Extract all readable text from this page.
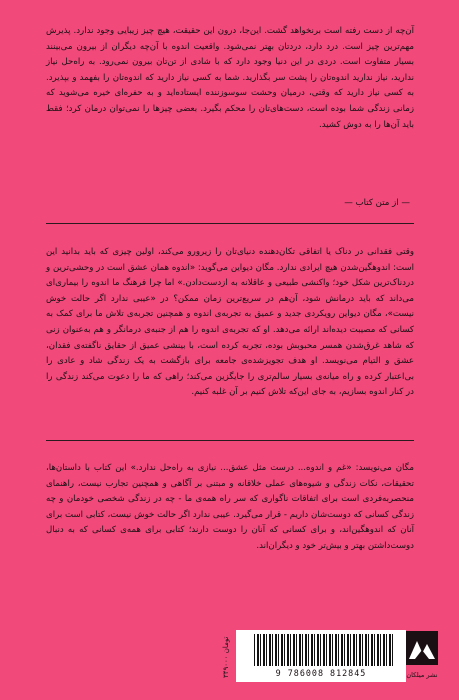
آن‌چه از دست رفته است برنخواهد گشت. این‌جا، درون این حقیقت، هیچ چیز زیبایی وجود ندارد. پذیرش مهم‌ترین چیز است. درد دارد، دردتان بهتر نمی‌شود. واقعیت اندوه با آن‌چه دیگران از بیرون می‌بینند بسیار متفاوت است. دردی در این دنیا وجود دارد که با شادی از تن‌تان بیرون نمی‌رود. به راه‌حل نیاز ندارید، نیاز ندارید اندوه‌تان را پشت سر بگذارید. شما به کسی نیاز دارید که اندوه‌تان را بفهمد و بپذیرد. به کسی نیاز دارید که وقتی، درمیان وحشت سوسوزننده ایستاده‌اید و به حفره‌ای خیره می‌شوید که زمانی زندگی شما بوده است، دست‌های‌تان را محکم بگیرد. بعضی چیزها را نمی‌توان درمان کرد؛ فقط باید آن‌ها را به دوش کشید.

— از متن کتاب —

وقتی فقدانی در دناک یا اتفاقی تکان‌دهنده دنیای‌تان را زیرورو می‌کند، اولین چیزی که باید بدانید این است: اندوهگین‌شدن هیچ ایرادی ندارد. مگان دیواین می‌گوید: «اندوه همان عشق است در وحشی‌ترین و دردناک‌ترین شکل خود؛ واکنشی طبیعی و عاقلانه به ازدست‌دادن.» اما چرا فرهنگ ما اندوه را بیماری‌ای می‌داند که باید درمانش شود، آن‌هم در سریع‌ترین زمان ممکن؟ در «عیبی ندارد اگر حالت خوش نیست»، مگان دیواین رویکردی جدید و عمیق به تجربه‌ی اندوه و همچنین تجربه‌ی تلاش ما برای کمک به کسانی که مصیبت دیده‌اند ارائه می‌دهد. او که تجربه‌ی اندوه را هم از جنبه‌ی درمانگر و هم به‌عنوان زنی که شاهد غرق‌شدن همسر محبوبش بوده، تجربه کرده است، با بینشی عمیق از حقایق ناگفته‌ی فقدان، عشق و التیام می‌نویسد. او هدف تجویزشده‌ی جامعه برای بازگشت به یک زندگی شاد و عادی را بی‌اعتبار کرده و راه میانه‌ی بسیار سالم‌تری را جایگزین می‌کند؛ راهی که ما را دعوت می‌کند زندگی را در کنار اندوه بسازیم، به جای این‌که تلاش کنیم بر آن غلبه کنیم.

مگان می‌نویسد: «غم و اندوه... درست مثل عشق... نیازی به راه‌حل ندارد.» این کتاب با داستان‌ها، تحقیقات، نکات زندگی و شیوه‌های عملی خلاقانه و مبتنی بر آگاهی و همچنین تجارب نیست، راهنمای منحصربه‌فردی است برای اتفاقات ناگواری که سر راه همه‌ی ما - چه در زندگی شخصی خودمان و چه زندگی کسانی که دوست‌شان داریم - قرار می‌گیرد. عیبی ندارد اگر حالت خوش نیست، کتابی است برای آنان که اندوهگین‌اند، و برای کسانی که آنان را دوست دارند؛ کتابی برای همه‌ی کسانی که به دنبال دوست‌داشتن بهتر و بیش‌تر خود و دیگران‌اند.

۳۴۹۰۰۰ تومان
9 786008 812845	نشر میلکان
